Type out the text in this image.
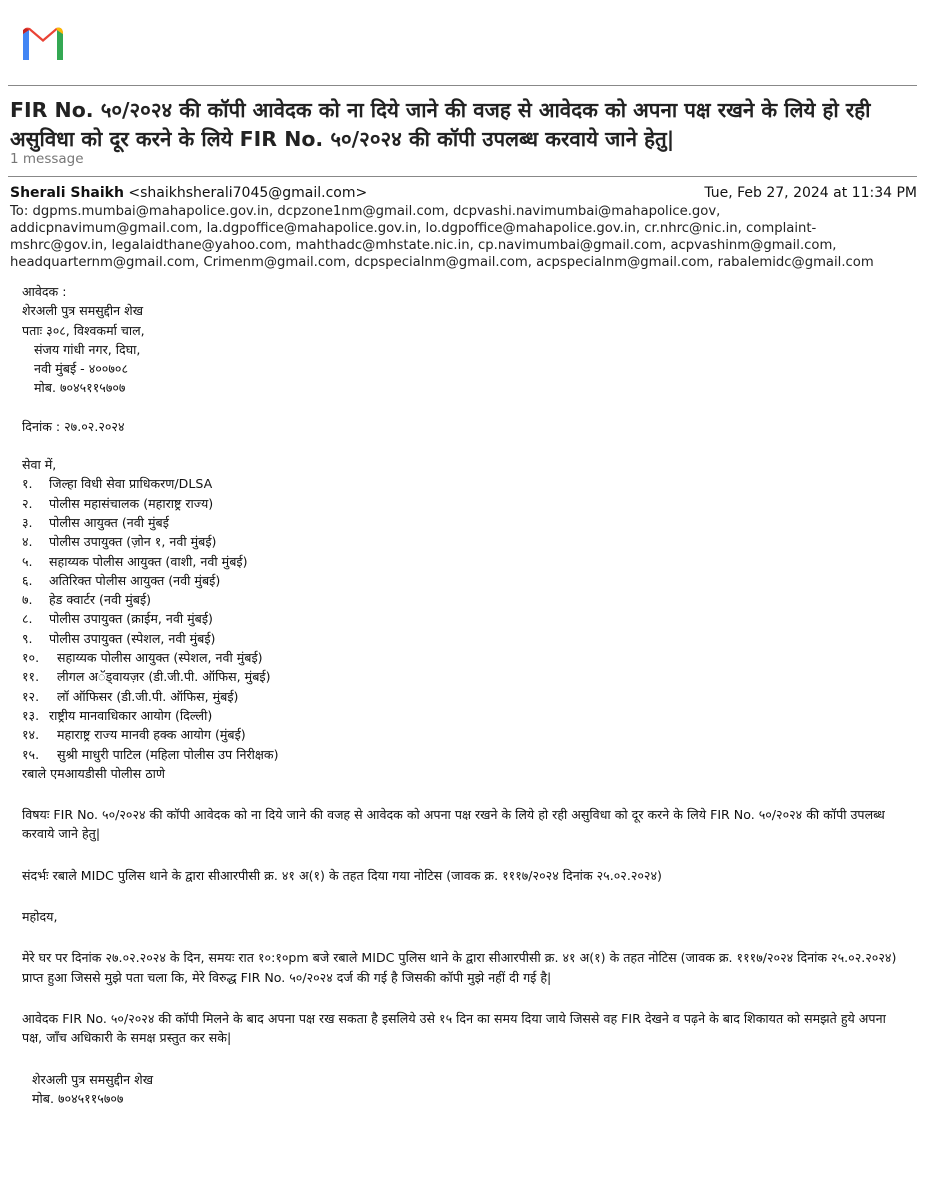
FIR No. ५०/२०२४ की कॉपी आवेदक को ना दिये जाने की वजह से आवेदक को अपना पक्ष रखने के लिये हो रही
असुविधा को दूर करने के लिये FIR No. ५०/२०२४ की कॉपी उपलब्ध करवाये जाने हेतु|
1 message
Sherali Shaikh <shaikhsherali7045@gmail.com>	Tue, Feb 27, 2024 at 11:34 PM
To: dgpms.mumbai@mahapolice.gov.in, dcpzone1nm@gmail.com, dcpvashi.navimumbai@mahapolice.gov,
addicpnavimum@gmail.com, la.dgpoffice@mahapolice.gov.in, lo.dgpoffice@mahapolice.gov.in, cr.nhrc@nic.in, complaint-
mshrc@gov.in, legalaidthane@yahoo.com, mahthadc@mhstate.nic.in, cp.navimumbai@gmail.com, acpvashinm@gmail.com,
headquarternm@gmail.com, Crimenm@gmail.com, dcpspecialnm@gmail.com, acpspecialnm@gmail.com, rabalemidc@gmail.com
आवेदक :
शेरअली पुत्र समसुद्दीन शेख
पताः ३०८, विश्वकर्मा चाल,
संजय गांधी नगर, दिघा,
नवी मुंबई - ४००७०८
मोब. ७०४५११५७०७
दिनांक : २७.०२.२०२४
सेवा में,
१.	जिल्हा विधी सेवा प्राधिकरण/DLSA
२.	पोलीस महासंचालक (महाराष्ट्र राज्य)
३.	पोलीस आयुक्त (नवी मुंबई
४.	पोलीस उपायुक्त (ज़ोन १, नवी मुंबई)
५.	सहाय्यक पोलीस आयुक्त (वाशी, नवी मुंबई)
६.	अतिरिक्त पोलीस आयुक्त (नवी मुंबई)
७.	हेड क्वार्टर (नवी मुंबई)
८.	पोलीस उपायुक्त (क्राईम, नवी मुंबई)
९.	पोलीस उपायुक्त (स्पेशल, नवी मुंबई)
१०.	सहाय्यक पोलीस आयुक्त (स्पेशल, नवी मुंबई)
११.	लीगल अॅड्वायज़र (डी.जी.पी. ऑफिस, मुंबई)
१२.	लॉ ऑफिसर (डी.जी.पी. ऑफिस, मुंबई)
१३. राष्ट्रीय मानवाधिकार आयोग (दिल्ली)
१४.	महाराष्ट्र राज्य मानवी हक्क आयोग (मुंबई)
१५.	सुश्री माधुरी पाटिल (महिला पोलीस उप निरीक्षक)
रबाले एमआयडीसी पोलीस ठाणे
विषयः FIR No. ५०/२०२४ की कॉपी आवेदक को ना दिये जाने की वजह से आवेदक को अपना पक्ष रखने के लिये हो रही असुविधा को दूर करने के लिये FIR No. ५०/२०२४ की कॉपी उपलब्ध करवाये जाने हेतु|
संदर्भः रबाले MIDC पुलिस थाने के द्वारा सीआरपीसी क्र. ४१ अ(१) के तहत दिया गया नोटिस (जावक क्र. १११७/२०२४ दिनांक २५.०२.२०२४)
महोदय,
मेरे घर पर दिनांक २७.०२.२०२४ के दिन, समयः रात १०:१०pm बजे रबाले MIDC पुलिस थाने के द्वारा सीआरपीसी क्र. ४१ अ(१) के तहत नोटिस (जावक क्र. १११७/२०२४ दिनांक २५.०२.२०२४) प्राप्त हुआ जिससे मुझे पता चला कि, मेरे विरुद्ध FIR No. ५०/२०२४ दर्ज की गई है जिसकी कॉपी मुझे नहीं दी गई है|
आवेदक FIR No. ५०/२०२४ की कॉपी मिलने के बाद अपना पक्ष रख सकता है इसलिये उसे १५ दिन का समय दिया जाये जिससे वह FIR देखने व पढ़ने के बाद शिकायत को समझते हुये अपना पक्ष, जाँच अधिकारी के समक्ष प्रस्तुत कर सके|
शेरअली पुत्र समसुद्दीन शेख
मोब. ७०४५११५७०७
